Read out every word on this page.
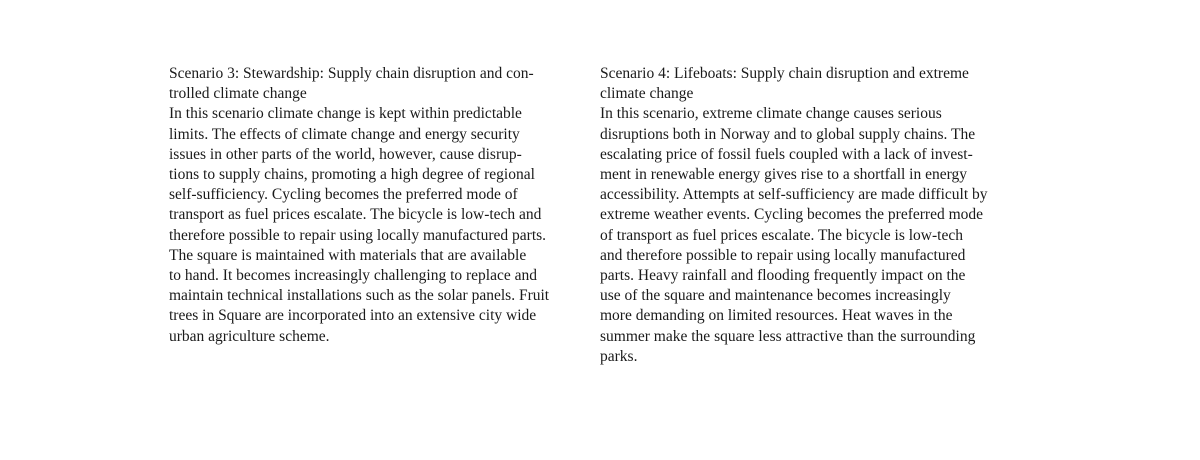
Scenario 3: Stewardship: Supply chain disruption and con-
trolled climate change
In this scenario climate change is kept within predictable
limits. The effects of climate change and energy security
issues in other parts of the world, however, cause disrup-
tions to supply chains, promoting a high degree of regional
self-sufficiency. Cycling becomes the preferred mode of
transport as fuel prices escalate. The bicycle is low-tech and
therefore possible to repair using locally manufactured parts.
The square is maintained with materials that are available
to hand. It becomes increasingly challenging to replace and
maintain technical installations such as the solar panels. Fruit
trees in Square are incorporated into an extensive city wide
urban agriculture scheme.
Scenario 4: Lifeboats: Supply chain disruption and extreme
climate change
In this scenario, extreme climate change causes serious
disruptions both in Norway and to global supply chains. The
escalating price of fossil fuels coupled with a lack of invest-
ment in renewable energy gives rise to a shortfall in energy
accessibility. Attempts at self-sufficiency are made difficult by
extreme weather events. Cycling becomes the preferred mode
of transport as fuel prices escalate. The bicycle is low-tech
and therefore possible to repair using locally manufactured
parts. Heavy rainfall and flooding frequently impact on the
use of the square and maintenance becomes increasingly
more demanding on limited resources. Heat waves in the
summer make the square less attractive than the surrounding
parks.
